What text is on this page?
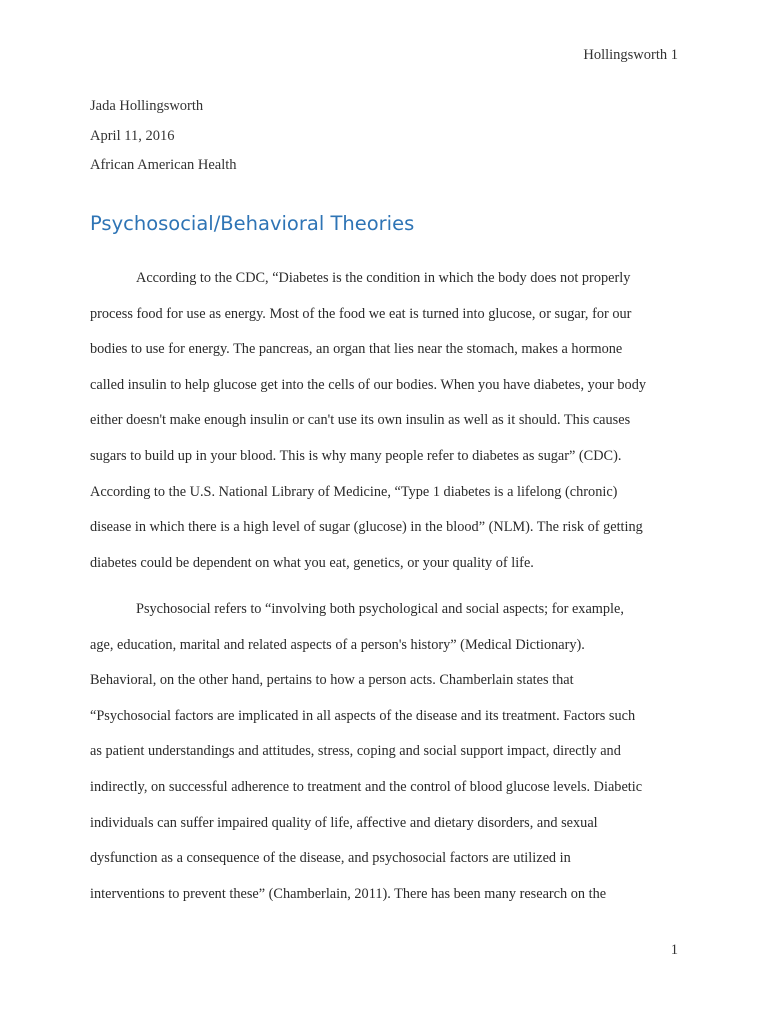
Hollingsworth 1
Jada Hollingsworth
April 11, 2016
African American Health
Psychosocial/Behavioral Theories
According to the CDC, “Diabetes is the condition in which the body does not properly
process food for use as energy. Most of the food we eat is turned into glucose, or sugar, for our
bodies to use for energy. The pancreas, an organ that lies near the stomach, makes a hormone
called insulin to help glucose get into the cells of our bodies. When you have diabetes, your body
either doesn't make enough insulin or can't use its own insulin as well as it should. This causes
sugars to build up in your blood. This is why many people refer to diabetes as sugar” (CDC).
According to the U.S. National Library of Medicine, “Type 1 diabetes is a lifelong (chronic)
disease in which there is a high level of sugar (glucose) in the blood” (NLM). The risk of getting
diabetes could be dependent on what you eat, genetics, or your quality of life.
Psychosocial refers to “involving both psychological and social aspects; for example,
age, education, marital and related aspects of a person's history” (Medical Dictionary).
Behavioral, on the other hand, pertains to how a person acts. Chamberlain states that
“Psychosocial factors are implicated in all aspects of the disease and its treatment. Factors such
as patient understandings and attitudes, stress, coping and social support impact, directly and
indirectly, on successful adherence to treatment and the control of blood glucose levels. Diabetic
individuals can suffer impaired quality of life, affective and dietary disorders, and sexual
dysfunction as a consequence of the disease, and psychosocial factors are utilized in
interventions to prevent these” (Chamberlain, 2011). There has been many research on the
1
